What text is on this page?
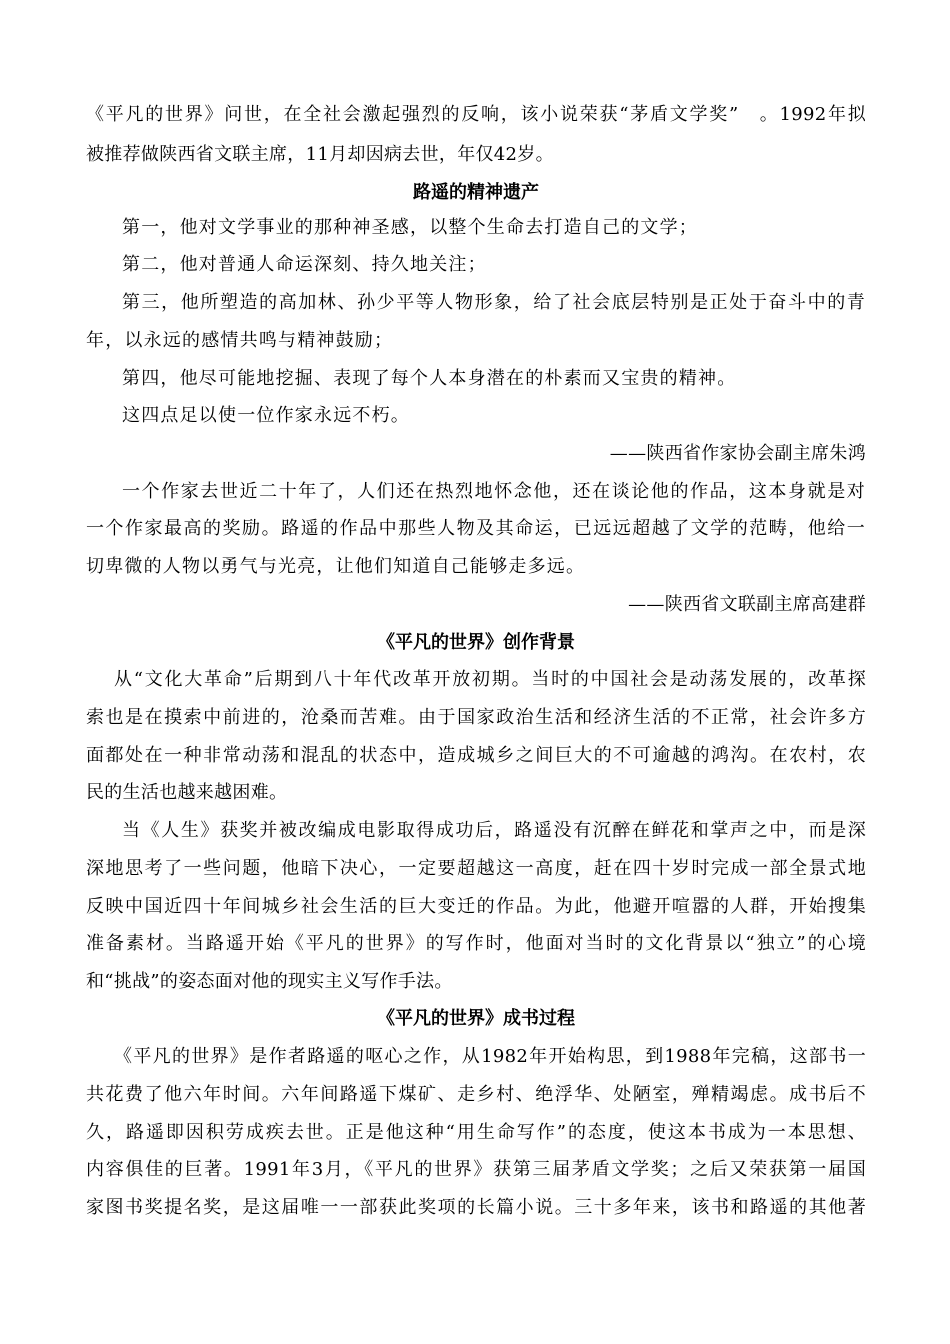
《平凡的世界》问世，在全社会激起强烈的反响，该小说荣获“茅盾文学奖”　。1992年拟
被推荐做陕西省文联主席，11月却因病去世，年仅42岁。
路遥的精神遗产
第一，他对文学事业的那种神圣感，以整个生命去打造自己的文学；
第二，他对普通人命运深刻、持久地关注；
第三，他所塑造的高加林、孙少平等人物形象，给了社会底层特别是正处于奋斗中的青
年，以永远的感情共鸣与精神鼓励；
第四，他尽可能地挖掘、表现了每个人本身潜在的朴素而又宝贵的精神。
这四点足以使一位作家永远不朽。
——陕西省作家协会副主席朱鸿
一个作家去世近二十年了，人们还在热烈地怀念他，还在谈论他的作品，这本身就是对
一个作家最高的奖励。路遥的作品中那些人物及其命运，已远远超越了文学的范畴，他给一
切卑微的人物以勇气与光亮，让他们知道自己能够走多远。
——陕西省文联副主席高建群
《平凡的世界》创作背景
从“文化大革命”后期到八十年代改革开放初期。当时的中国社会是动荡发展的，改革探
索也是在摸索中前进的，沧桑而苦难。由于国家政治生活和经济生活的不正常，社会许多方
面都处在一种非常动荡和混乱的状态中，造成城乡之间巨大的不可逾越的鸿沟。在农村，农
民的生活也越来越困难。
当《人生》获奖并被改编成电影取得成功后，路遥没有沉醉在鲜花和掌声之中，而是深
深地思考了一些问题，他暗下决心，一定要超越这一高度，赶在四十岁时完成一部全景式地
反映中国近四十年间城乡社会生活的巨大变迁的作品。为此，他避开喧嚣的人群，开始搜集
准备素材。当路遥开始《平凡的世界》的写作时，他面对当时的文化背景以“独立”的心境
和“挑战”的姿态面对他的现实主义写作手法。
《平凡的世界》成书过程
《平凡的世界》是作者路遥的呕心之作，从1982年开始构思，到1988年完稿，这部书一
共花费了他六年时间。六年间路遥下煤矿、走乡村、绝浮华、处陋室，殚精竭虑。成书后不
久，路遥即因积劳成疾去世。正是他这种“用生命写作”的态度，使这本书成为一本思想、
内容俱佳的巨著。1991年3月，《平凡的世界》获第三届茅盾文学奖；之后又荣获第一届国
家图书奖提名奖，是这届唯一一部获此奖项的长篇小说。三十多年来，该书和路遥的其他著
